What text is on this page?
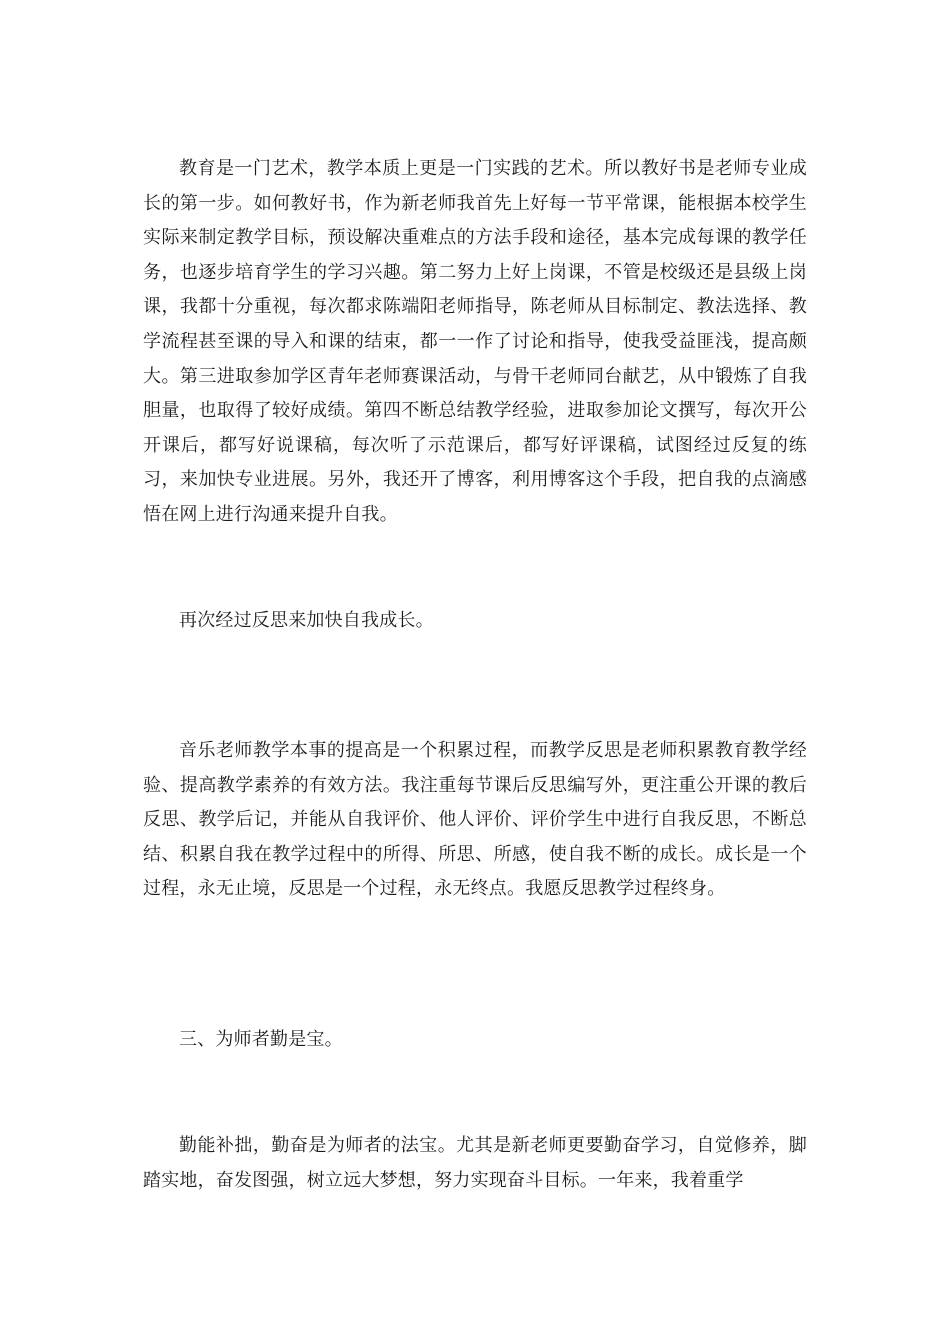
教育是一门艺术，教学本质上更是一门实践的艺术。所以教好书是老师专业成长的第一步。如何教好书，作为新老师我首先上好每一节平常课，能根据本校学生实际来制定教学目标，预设解决重难点的方法手段和途径，基本完成每课的教学任务，也逐步培育学生的学习兴趣。第二努力上好上岗课，不管是校级还是县级上岗课，我都十分重视，每次都求陈端阳老师指导，陈老师从目标制定、教法选择、教学流程甚至课的导入和课的结束，都一一作了讨论和指导，使我受益匪浅，提高颇大。第三进取参加学区青年老师赛课活动，与骨干老师同台献艺，从中锻炼了自我胆量，也取得了较好成绩。第四不断总结教学经验，进取参加论文撰写，每次开公开课后，都写好说课稿，每次听了示范课后，都写好评课稿，试图经过反复的练习，来加快专业进展。另外，我还开了博客，利用博客这个手段，把自我的点滴感悟在网上进行沟通来提升自我。

再次经过反思来加快自我成长。

音乐老师教学本事的提高是一个积累过程，而教学反思是老师积累教育教学经验、提高教学素养的有效方法。我注重每节课后反思编写外，更注重公开课的教后反思、教学后记，并能从自我评价、他人评价、评价学生中进行自我反思，不断总结、积累自我在教学过程中的所得、所思、所感，使自我不断的成长。成长是一个过程，永无止境，反思是一个过程，永无终点。我愿反思教学过程终身。

三、为师者勤是宝。

勤能补拙，勤奋是为师者的法宝。尤其是新老师更要勤奋学习，自觉修养，脚踏实地，奋发图强，树立远大梦想，努力实现奋斗目标。一年来，我着重学
